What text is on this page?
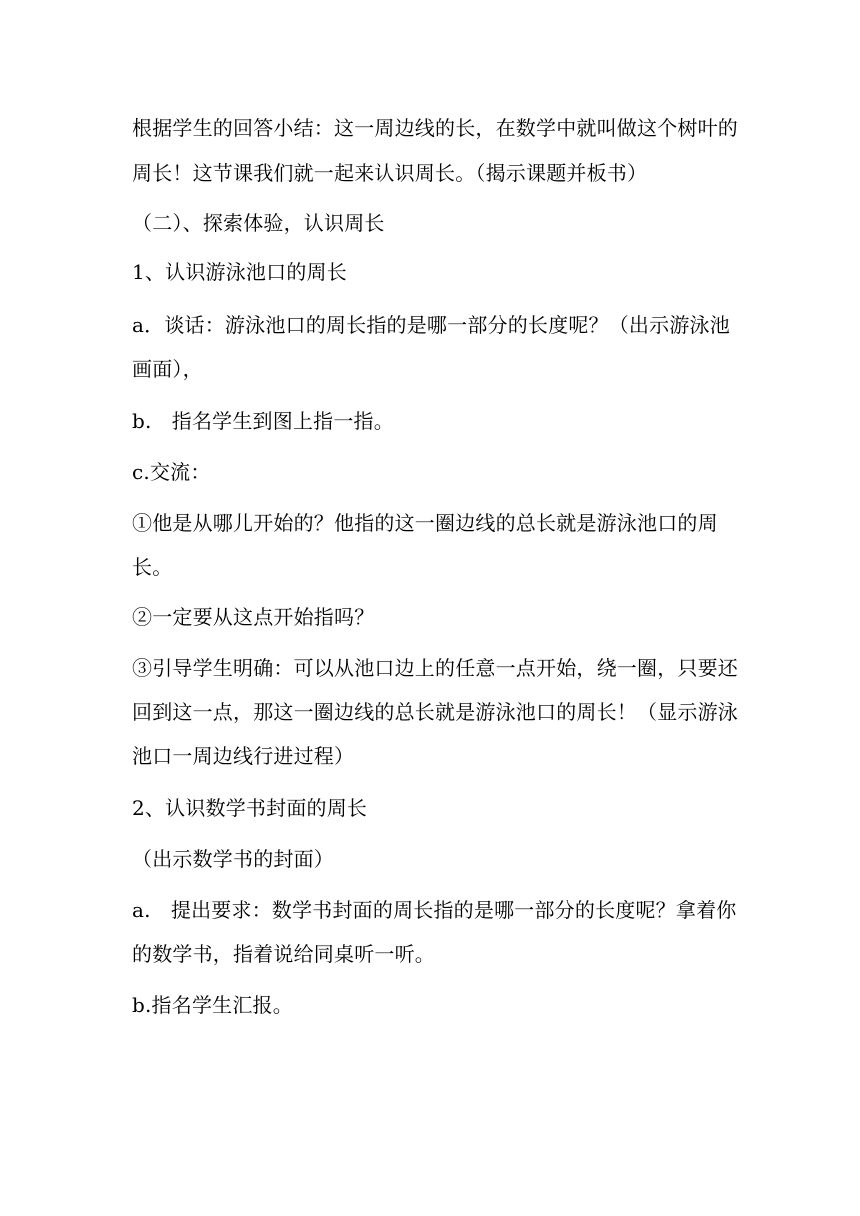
根据学生的回答小结：这一周边线的长，在数学中就叫做这个树叶的
周长！这节课我们就一起来认识周长。（揭示课题并板书）
（二）、探索体验，认识周长
1、认识游泳池口的周长
a．谈话：游泳池口的周长指的是哪一部分的长度呢？（出示游泳池
画面），
b.　指名学生到图上指一指。
c.交流：
①他是从哪儿开始的？他指的这一圈边线的总长就是游泳池口的周
长。
②一定要从这点开始指吗？
③引导学生明确：可以从池口边上的任意一点开始，绕一圈，只要还
回到这一点，那这一圈边线的总长就是游泳池口的周长！（显示游泳
池口一周边线行进过程）
2、认识数学书封面的周长
（出示数学书的封面）
a.　提出要求：数学书封面的周长指的是哪一部分的长度呢？拿着你
的数学书，指着说给同桌听一听。
b.指名学生汇报。
